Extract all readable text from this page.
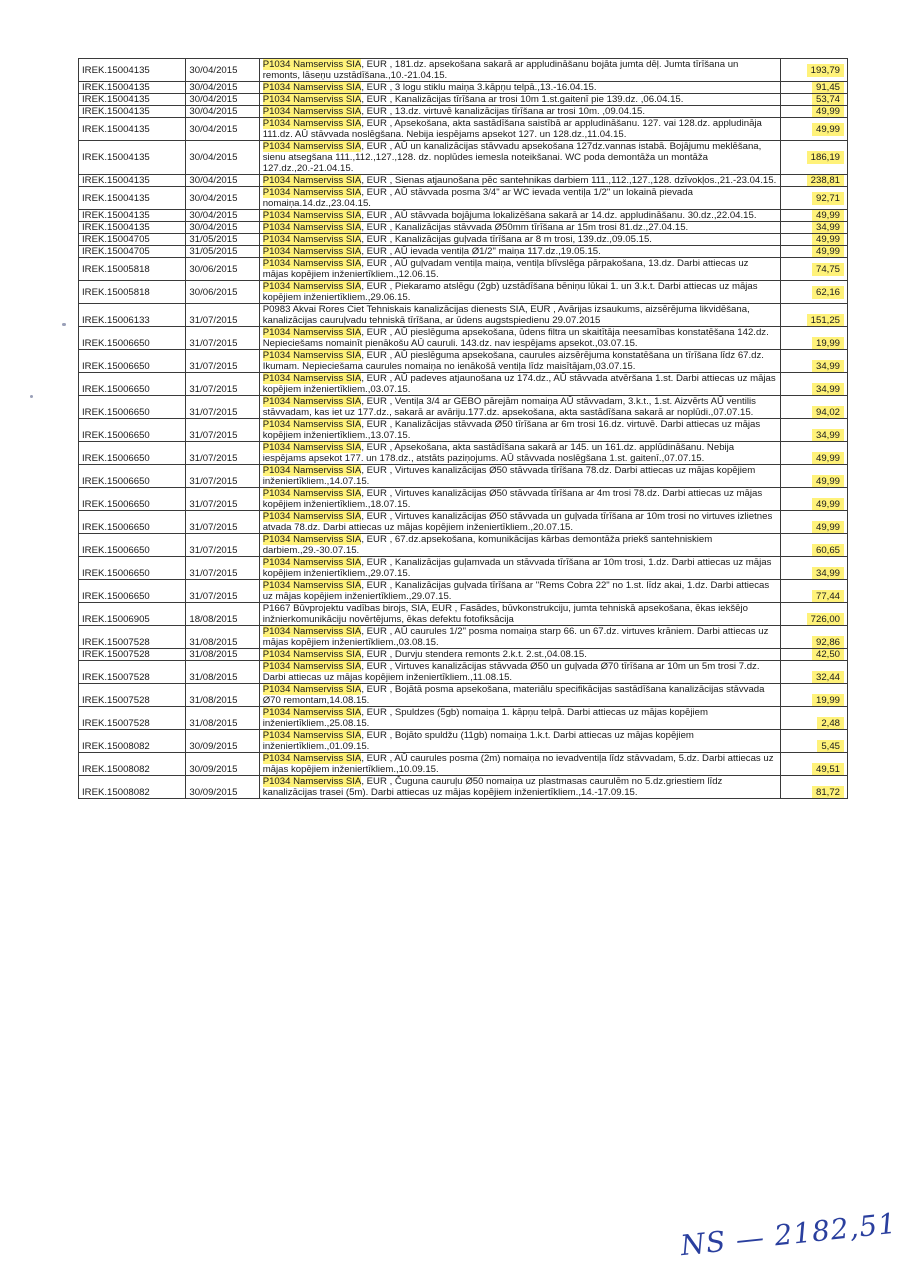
IREK.15004135	30/04/2015	P1034 Namserviss SIA, EUR , 181.dz. apsekošana sakarā ar appludināšanu bojāta jumta dēļ. Jumta tīrīšana un remonts, lāseņu uzstādīšana.,10.-21.04.15.	193,79
IREK.15004135	30/04/2015	P1034 Namserviss SIA, EUR , 3 logu stiklu maiņa 3.kāpņu telpā.,13.-16.04.15.	91,45
IREK.15004135	30/04/2015	P1034 Namserviss SIA, EUR , Kanalizācijas tīrīšana ar trosi 10m 1.st.gaitenī pie 139.dz. ,06.04.15.	53,74
IREK.15004135	30/04/2015	P1034 Namserviss SIA, EUR , 13.dz. virtuvē kanalizācijas tīrīšana ar trosi 10m. ,09.04.15.	49,99
IREK.15004135	30/04/2015	P1034 Namserviss SIA, EUR , Apsekošana, akta sastādīšana saistībā ar appludināšanu. 127. vai 128.dz. appludināja 111.dz. AŪ stāvvada noslēgšana. Nebija iespējams apsekot 127. un 128.dz.,11.04.15.	49,99
IREK.15004135	30/04/2015	P1034 Namserviss SIA, EUR , AŪ un kanalizācijas stāvvadu apsekošana 127dz.vannas istabā. Bojājumu meklēšana, sienu atsegšana 111.,112.,127.,128. dz. noplūdes iemesla noteikšanai. WC poda demontāža un montāža 127.dz.,20.-21.04.15.	186,19
IREK.15004135	30/04/2015	P1034 Namserviss SIA, EUR , Sienas atjaunošana pēc santehnikas darbiem 111.,112.,127.,128. dzīvokļos.,21.-23.04.15.	238,81
IREK.15004135	30/04/2015	P1034 Namserviss SIA, EUR , AŪ stāvvada posma 3/4" ar WC ievada ventiļa 1/2" un lokainā pievada nomaiņa.14.dz.,23.04.15.	92,71
IREK.15004135	30/04/2015	P1034 Namserviss SIA, EUR , AŪ stāvvada bojājuma lokalizēšana sakarā ar 14.dz. appludināšanu. 30.dz.,22.04.15.	49,99
IREK.15004135	30/04/2015	P1034 Namserviss SIA, EUR , Kanalizācijas stāvvada Ø50mm tīrīšana ar 15m trosi 81.dz.,27.04.15.	34,99
IREK.15004705	31/05/2015	P1034 Namserviss SIA, EUR , Kanalizācijas guļvada tīrīšana ar 8 m trosi, 139.dz.,09.05.15.	49,99
IREK.15004705	31/05/2015	P1034 Namserviss SIA, EUR , AŪ ievada ventiļa Ø1/2" maiņa 117.dz.,19.05.15.	49,99
IREK.15005818	30/06/2015	P1034 Namserviss SIA, EUR , AŪ guļvadam ventiļa maiņa, ventiļa blīvslēga pārpakošana, 13.dz. Darbi attiecas uz mājas kopējiem inženiertīkliem.,12.06.15.	74,75
IREK.15005818	30/06/2015	P1034 Namserviss SIA, EUR , Piekaramo atslēgu (2gb) uzstādīšana bēniņu lūkai 1. un 3.k.t. Darbi attiecas uz mājas kopējiem inženiertīkliem.,29.06.15.	62,16
IREK.15006133	31/07/2015	P0983 Akvai Rores Ciet Tehniskais kanalizācijas dienests SIA, EUR , Avārijas izsaukums, aizsērējuma likvidēšana, kanalizācijas cauruļvadu tehniskā tīrīšana, ar ūdens augstspiedienu 29.07.2015	151,25
IREK.15006650	31/07/2015	P1034 Namserviss SIA, EUR , AŪ pieslēguma apsekošana, ūdens filtra un skaitītāja neesamības konstatēšana 142.dz. Nepieciešams nomainīt pienākošu AŪ cauruli. 143.dz. nav iespējams apsekot.,03.07.15.	19,99
IREK.15006650	31/07/2015	P1034 Namserviss SIA, EUR , AŪ pieslēguma apsekošana, caurules aizsērējuma konstatēšana un tīrīšana līdz 67.dz. Ikumam. Nepieciešama caurules nomaiņa no ienākošā ventiļa līdz maisītājam,03.07.15.	34,99
IREK.15006650	31/07/2015	P1034 Namserviss SIA, EUR , AŪ padeves atjaunošana uz 174.dz., AŪ stāvvada atvēršana 1.st. Darbi attiecas uz mājas kopējiem inženiertīkliem.,03.07.15.	34,99
IREK.15006650	31/07/2015	P1034 Namserviss SIA, EUR , Ventiļa 3/4 ar GEBO pārejām nomaiņa AŪ stāvvadam, 3.k.t., 1.st. Aizvērts AŪ ventilis stāvvadam, kas iet uz 177.dz., sakarā ar avāriju.177.dz. apsekošana, akta sastādīšana sakarā ar noplūdi.,07.07.15.	94,02
IREK.15006650	31/07/2015	P1034 Namserviss SIA, EUR , Kanalizācijas stāvvada Ø50 tīrīšana ar 6m trosi 16.dz. virtuvē. Darbi attiecas uz mājas kopējiem inženiertīkliem.,13.07.15.	34,99
IREK.15006650	31/07/2015	P1034 Namserviss SIA, EUR , Apsekošana, akta sastādīšana sakarā ar 145. un 161.dz. applūdināšanu. Nebija iespējams apsekot 177. un 178.dz., atstāts paziņojums. AŪ stāvvada noslēgšana 1.st. gaitenī.,07.07.15.	49,99
IREK.15006650	31/07/2015	P1034 Namserviss SIA, EUR , Virtuves kanalizācijas Ø50 stāvvada tīrīšana 78.dz. Darbi attiecas uz mājas kopējiem inženiertīkliem.,14.07.15.	49,99
IREK.15006650	31/07/2015	P1034 Namserviss SIA, EUR , Virtuves kanalizācijas Ø50 stāvvada tīrīšana ar 4m trosi 78.dz. Darbi attiecas uz mājas kopējiem inženiertīkliem.,18.07.15.	49,99
IREK.15006650	31/07/2015	P1034 Namserviss SIA, EUR , Virtuves kanalizācijas Ø50 stāvvada un guļvada tīrīšana ar 10m trosi no virtuves izlietnes atvada 78.dz. Darbi attiecas uz mājas kopējiem inženiertīkliem.,20.07.15.	49,99
IREK.15006650	31/07/2015	P1034 Namserviss SIA, EUR , 67.dz.apsekošana, komunikācijas kārbas demontāža priekš santehniskiem darbiem.,29.-30.07.15.	60,65
IREK.15006650	31/07/2015	P1034 Namserviss SIA, EUR , Kanalizācijas guļamvada un stāvvada tīrīšana ar 10m trosi, 1.dz. Darbi attiecas uz mājas kopējiem inženiertīkliem.,29.07.15.	34,99
IREK.15006650	31/07/2015	P1034 Namserviss SIA, EUR , Kanalizācijas guļvada tīrīšana ar "Rems Cobra 22" no 1.st. līdz akai, 1.dz. Darbi attiecas uz mājas kopējiem inženiertīkliem.,29.07.15.	77,44
IREK.15006905	18/08/2015	P1667 Būvprojektu vadības birojs, SIA, EUR , Fasādes, būvkonstrukciju, jumta tehniskā apsekošana, ēkas iekšējo inžnierkomunikāciju novērtējums, ēkas defektu fotofiksācija	726,00
IREK.15007528	31/08/2015	P1034 Namserviss SIA, EUR , AŪ caurules 1/2" posma nomaiņa starp 66. un 67.dz. virtuves krāniem. Darbi attiecas uz mājas kopējiem inženiertīkliem.,03.08.15.	92,86
IREK.15007528	31/08/2015	P1034 Namserviss SIA, EUR , Durvju stendera remonts 2.k.t. 2.st.,04.08.15.	42,50
IREK.15007528	31/08/2015	P1034 Namserviss SIA, EUR , Virtuves kanalizācijas stāvvada Ø50 un guļvada Ø70 tīrīšana ar 10m un 5m trosi 7.dz. Darbi attiecas uz mājas kopējiem inženiertīkliem.,11.08.15.	32,44
IREK.15007528	31/08/2015	P1034 Namserviss SIA, EUR , Bojātā posma apsekošana, materiālu specifikācijas sastādīšana kanalizācijas stāvvada Ø70 remontam,14.08.15.	19,99
IREK.15007528	31/08/2015	P1034 Namserviss SIA, EUR , Spuldzes (5gb) nomaiņa 1. kāpņu telpā. Darbi attiecas uz mājas kopējiem inženiertīkliem.,25.08.15.	2,48
IREK.15008082	30/09/2015	P1034 Namserviss SIA, EUR , Bojāto spuldžu (11gb) nomaiņa 1.k.t. Darbi attiecas uz mājas kopējiem inženiertīkliem.,01.09.15.	5,45
IREK.15008082	30/09/2015	P1034 Namserviss SIA, EUR , AŪ caurules posma (2m) nomaiņa no ievadventiļa līdz stāvvadam, 5.dz. Darbi attiecas uz mājas kopējiem inženiertīkliem.,10.09.15.	49,51
IREK.15008082	30/09/2015	P1034 Namserviss SIA, EUR , Čuguna cauruļu Ø50 nomaiņa uz plastmasas caurulēm no 5.dz.griestiem līdz kanalizācijas trasei (5m). Darbi attiecas uz mājas kopējiem inženiertīkliem.,14.-17.09.15.	81,72
NS — 2182,51
